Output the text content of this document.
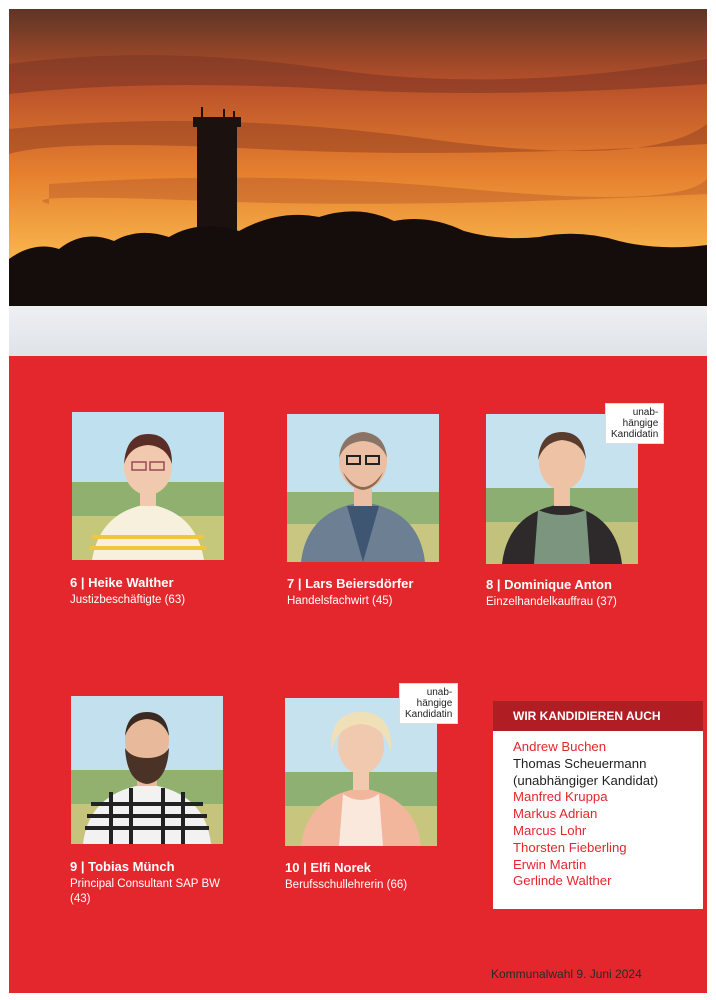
6 | Heike Walther
Justizbeschäftigte (63)
7 | Lars Beiersdörfer
Handelsfachwirt (45)
unab-
hängige
Kandidatin
8 | Dominique Anton
Einzelhandelkauffrau (37)
9 | Tobias Münch
Principal Consultant SAP BW (43)
unab-
hängige
Kandidatin
10 | Elfi Norek
Berufsschullehrerin (66)
WIR KANDIDIEREN AUCH
Andrew Buchen
Thomas Scheuermann
(unabhängiger Kandidat)
Manfred Kruppa
Markus Adrian
Marcus Lohr
Thorsten Fieberling
Erwin Martin
Gerlinde Walther
Kommunalwahl 9. Juni 2024
